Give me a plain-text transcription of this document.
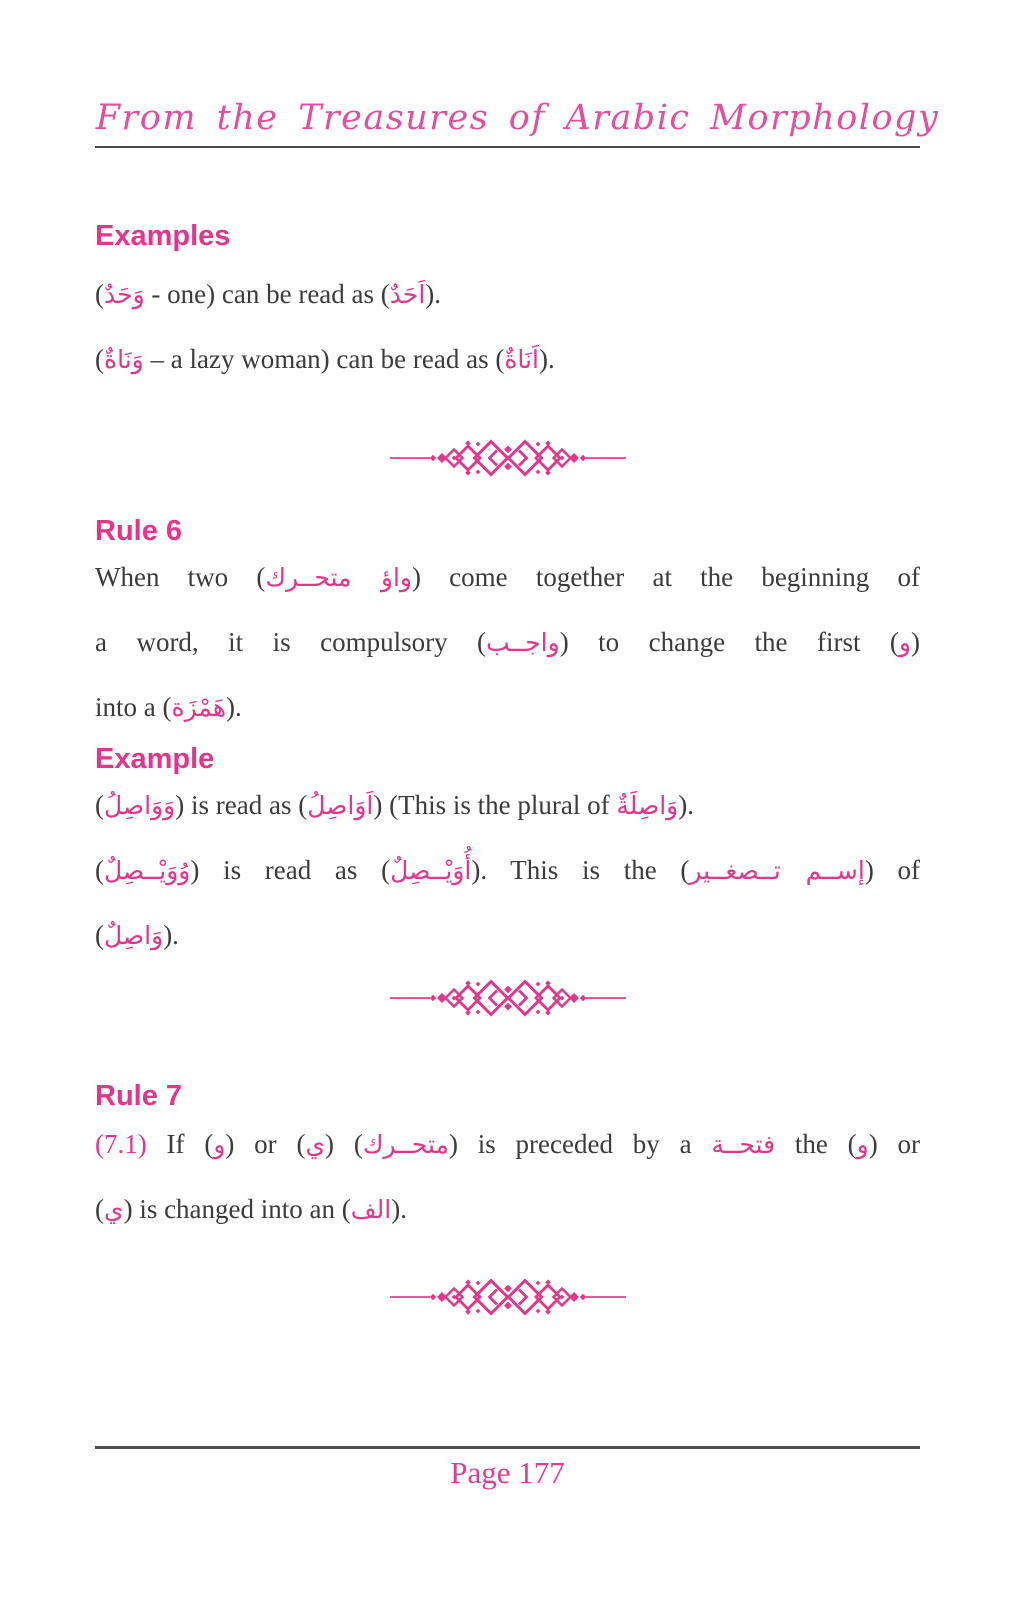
From the Treasures of Arabic Morphology
Examples
(وَحَدٌ - one) can be read as (اَحَدٌ).
(وَنَاةٌ – a lazy woman) can be read as (اَنَاةٌ).
Rule 6
When two (واؤ متحــرك) come together at the beginning of
a word, it is compulsory (واجــب) to change the first (و)
into a (هَمْزَة).
Example
(وَوَاصِلُ) is read as (اَوَاصِلُ) (This is the plural of وَاصِلَةٌ).
(وُوَيْــصِلٌ) is read as (أُوَيْــصِلٌ). This is the (إســم تــصغــير) of
(وَاصِلٌ).
Rule 7
(7.1) If (و) or (ي) (متحــرك) is preceded by a فتحــة the (و) or
(ي) is changed into an (الف).
Page 177
